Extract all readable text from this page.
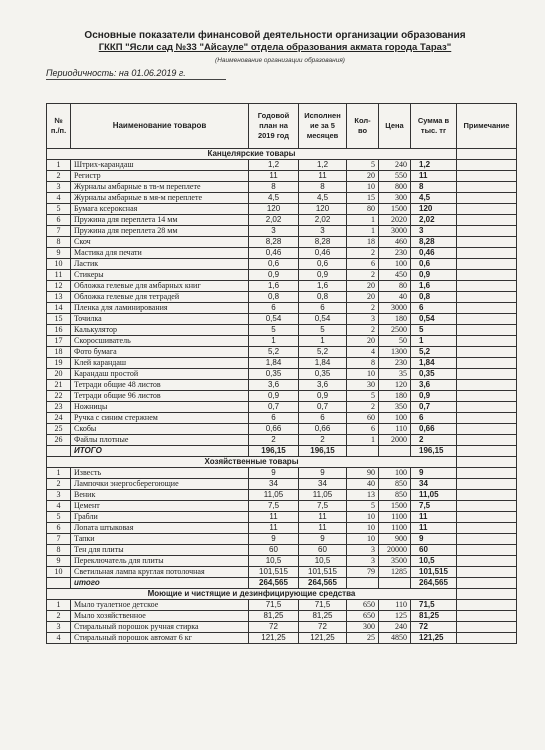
Основные показатели финансовой деятельности организации образования
ГККП "Ясли сад №33 "Айсауле" отдела образования акмата города Тараз"
(Наименование организации образования)
Периодичность: на 01.06.2019 г.
№ п./п.	Наименование товаров	Годовой план на 2019 год	Исполнен ие за 5 месяцев	Кол-во	Цена	Сумма в тыс. тг	Примечание
Канцелярские товары							
1	Штрих-карандаш	1,2	1,2	5	240	1,2	
2	Регистр	11	11	20	550	11	
3	Журналы амбарные в тв-м переплете	8	8	10	800	8	
4	Журналы амбарные в мя-м переплете	4,5	4,5	15	300	4,5	
5	Бумага ксероксная	120	120	80	1500	120	
6	Пружина для переплета 14 мм	2,02	2,02	1	2020	2,02	
7	Пружина для переплета 28 мм	3	3	1	3000	3	
8	Скоч	8,28	8,28	18	460	8,28	
9	Мастика для печати	0,46	0,46	2	230	0,46	
10	Ластик	0,6	0,6	6	100	0,6	
11	Стикеры	0,9	0,9	2	450	0,9	
12	Обложка гелевые для амбарных книг	1,6	1,6	20	80	1,6	
13	Обложка гелевые для тетрадей	0,8	0,8	20	40	0,8	
14	Пленка для ламинирования	6	6	2	3000	6	
15	Точилка	0,54	0,54	3	180	0,54	
16	Калькулятор	5	5	2	2500	5	
17	Скоросшиватель	1	1	20	50	1	
18	Фото бумага	5,2	5,2	4	1300	5,2	
19	Клей карандаш	1,84	1,84	8	230	1,84	
20	Карандаш простой	0,35	0,35	10	35	0,35	
21	Тетради общие 48 листов	3,6	3,6	30	120	3,6	
22	Тетради общие 96 листов	0,9	0,9	5	180	0,9	
23	Ножницы	0,7	0,7	2	350	0,7	
24	Ручка с синим стержнем	6	6	60	100	6	
25	Скобы	0,66	0,66	6	110	0,66	
26	Файлы плотные	2	2	1	2000	2	
	ИТОГО	196,15	196,15			196,15	
Хозяйственные товары							
1	Известь	9	9	90	100	9	
2	Лампочки энергосберегоющие	34	34	40	850	34	
3	Веник	11,05	11,05	13	850	11,05	
4	Цемент	7,5	7,5	5	1500	7,5	
5	Грабли	11	11	10	1100	11	
6	Лопата штыковая	11	11	10	1100	11	
7	Тапки	9	9	10	900	9	
8	Тен для плиты	60	60	3	20000	60	
9	Переключатель для плиты	10,5	10,5	3	3500	10,5	
10	Светильная лампа круглая потолочная	101,515	101,515	79	1285	101,515	
	итого	264,565	264,565			264,565	
Моющие и чистящие и дезинфицирующие средства							
1	Мыло туалетное детское	71,5	71,5	650	110	71,5	
2	Мыло хозяйственное	81,25	81,25	650	125	81,25	
3	Стиральный порошок ручная стирка	72	72	300	240	72	
4	Стиральный порошок автомат 6 кг	121,25	121,25	25	4850	121,25	
